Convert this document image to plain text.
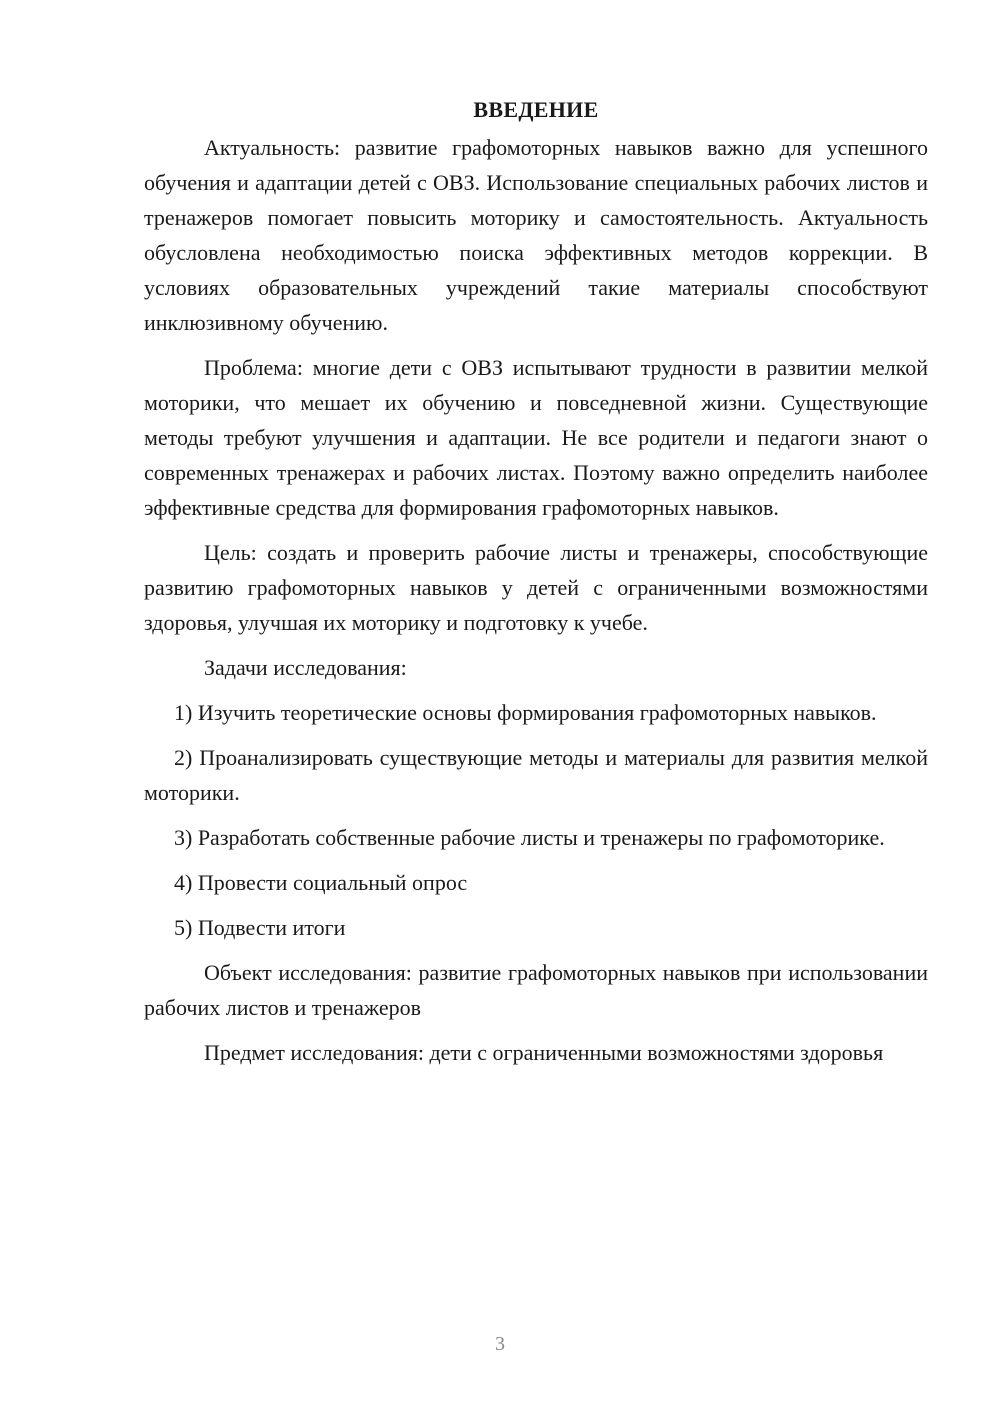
ВВЕДЕНИЕ

Актуальность: развитие графомоторных навыков важно для успешного обучения и адаптации детей с ОВЗ. Использование специальных рабочих листов и тренажеров помогает повысить моторику и самостоятельность. Актуальность обусловлена необходимостью поиска эффективных методов коррекции. В условиях образовательных учреждений такие материалы способствуют инклюзивному обучению.

Проблема: многие дети с ОВЗ испытывают трудности в развитии мелкой моторики, что мешает их обучению и повседневной жизни. Существующие методы требуют улучшения и адаптации. Не все родители и педагоги знают о современных тренажерах и рабочих листах. Поэтому важно определить наиболее эффективные средства для формирования графомоторных навыков.

Цель: создать и проверить рабочие листы и тренажеры, способствующие развитию графомоторных навыков у детей с ограниченными возможностями здоровья, улучшая их моторику и подготовку к учебе.

Задачи исследования:

1) Изучить теоретические основы формирования графомоторных навыков.

2) Проанализировать существующие методы и материалы для развития мелкой моторики.

3) Разработать собственные рабочие листы и тренажеры по графомоторике.

4) Провести социальный опрос

5) Подвести итоги

Объект исследования: развитие графомоторных навыков при использовании рабочих листов и тренажеров

Предмет исследования: дети с ограниченными возможностями здоровья

3
